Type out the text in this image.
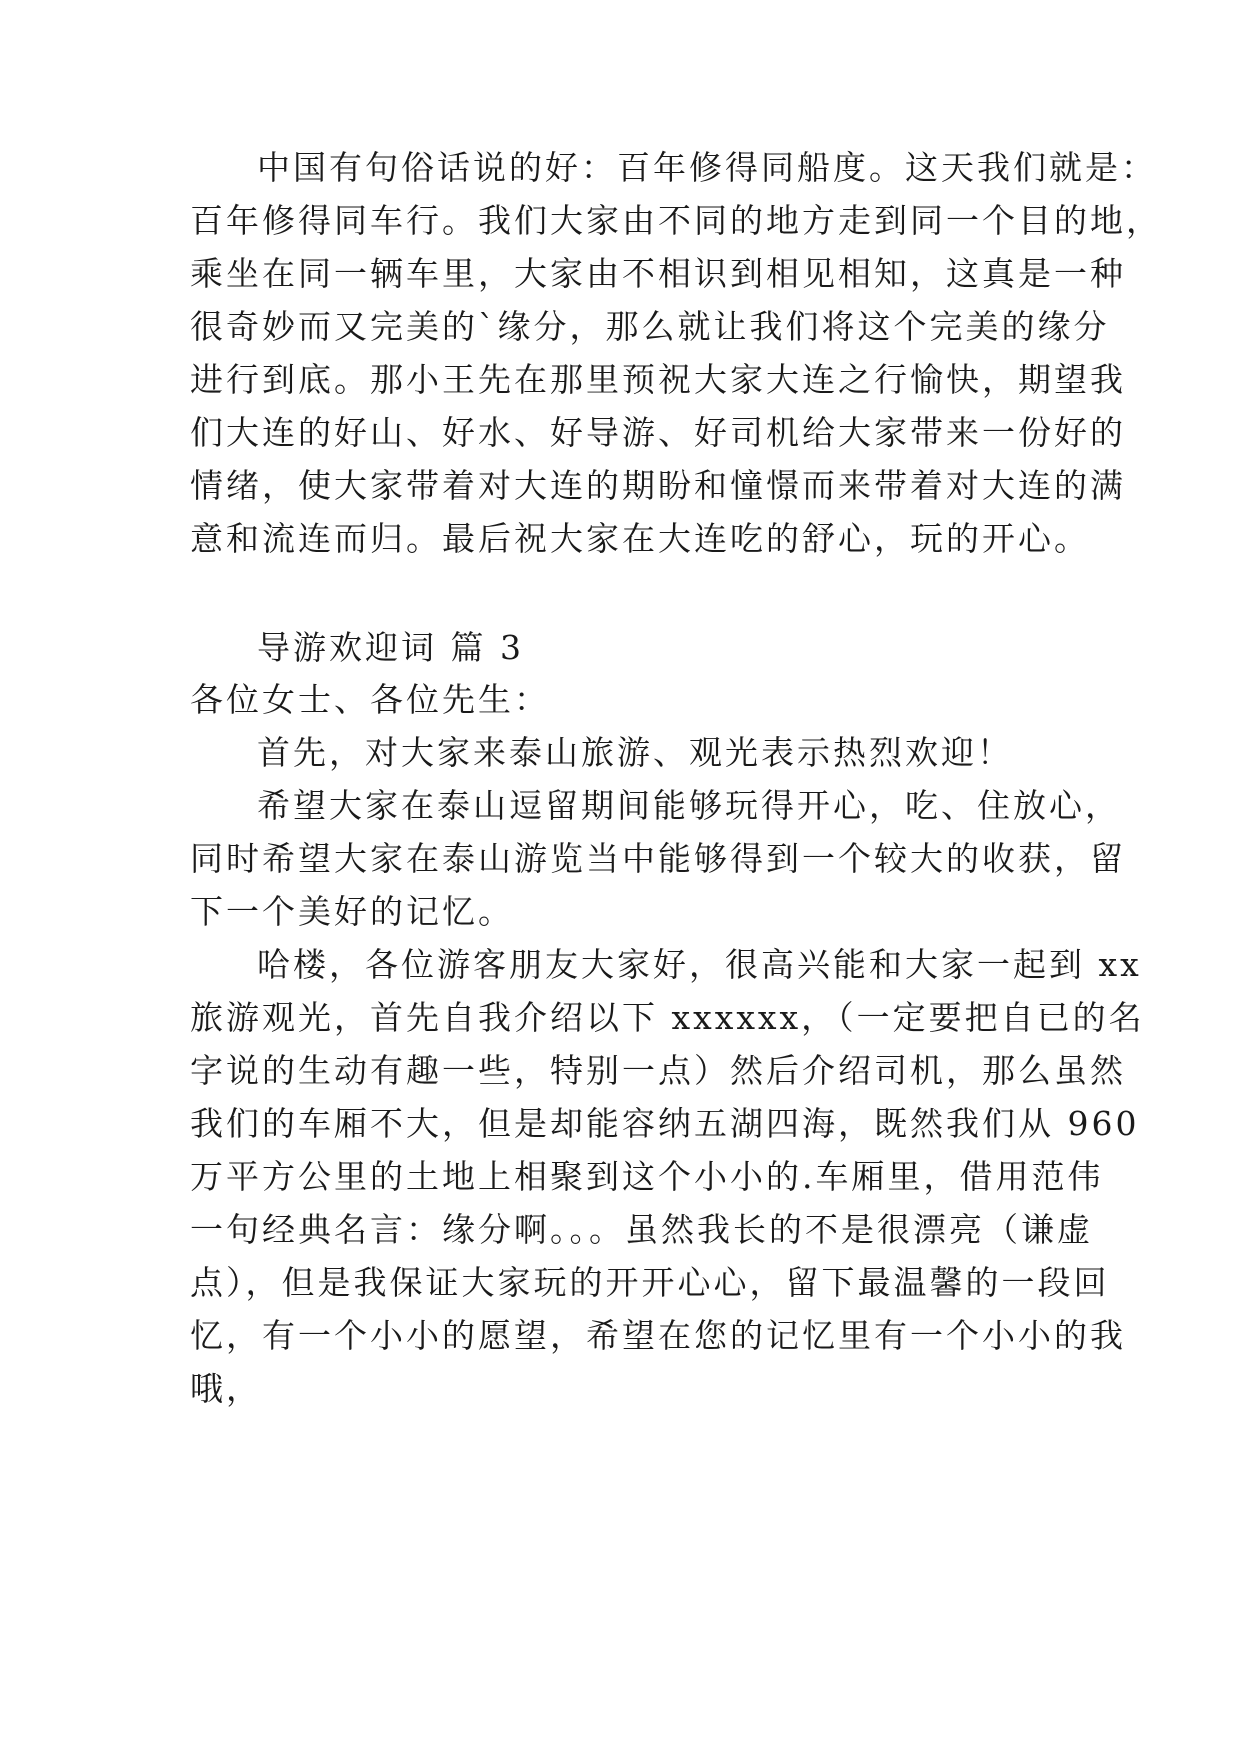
中国有句俗话说的好：百年修得同船度。这天我们就是：
百年修得同车行。我们大家由不同的地方走到同一个目的地，
乘坐在同一辆车里，大家由不相识到相见相知，这真是一种
很奇妙而又完美的`缘分，那么就让我们将这个完美的缘分
进行到底。那小王先在那里预祝大家大连之行愉快，期望我
们大连的好山、好水、好导游、好司机给大家带来一份好的
情绪，使大家带着对大连的期盼和憧憬而来带着对大连的满
意和流连而归。最后祝大家在大连吃的舒心，玩的开心。
导游欢迎词 篇 3
各位女士、各位先生：
首先，对大家来泰山旅游、观光表示热烈欢迎！
希望大家在泰山逗留期间能够玩得开心，吃、住放心，
同时希望大家在泰山游览当中能够得到一个较大的收获，留
下一个美好的记忆。
哈楼，各位游客朋友大家好，很高兴能和大家一起到 xx
旅游观光，首先自我介绍以下 xxxxxx，（一定要把自已的名
字说的生动有趣一些，特别一点）然后介绍司机，那么虽然
我们的车厢不大，但是却能容纳五湖四海，既然我们从 960
万平方公里的土地上相聚到这个小小的.车厢里，借用范伟
一句经典名言：缘分啊。。。虽然我长的不是很漂亮（谦虚
点），但是我保证大家玩的开开心心，留下最温馨的一段回
忆，有一个小小的愿望，希望在您的记忆里有一个小小的我
哦，
